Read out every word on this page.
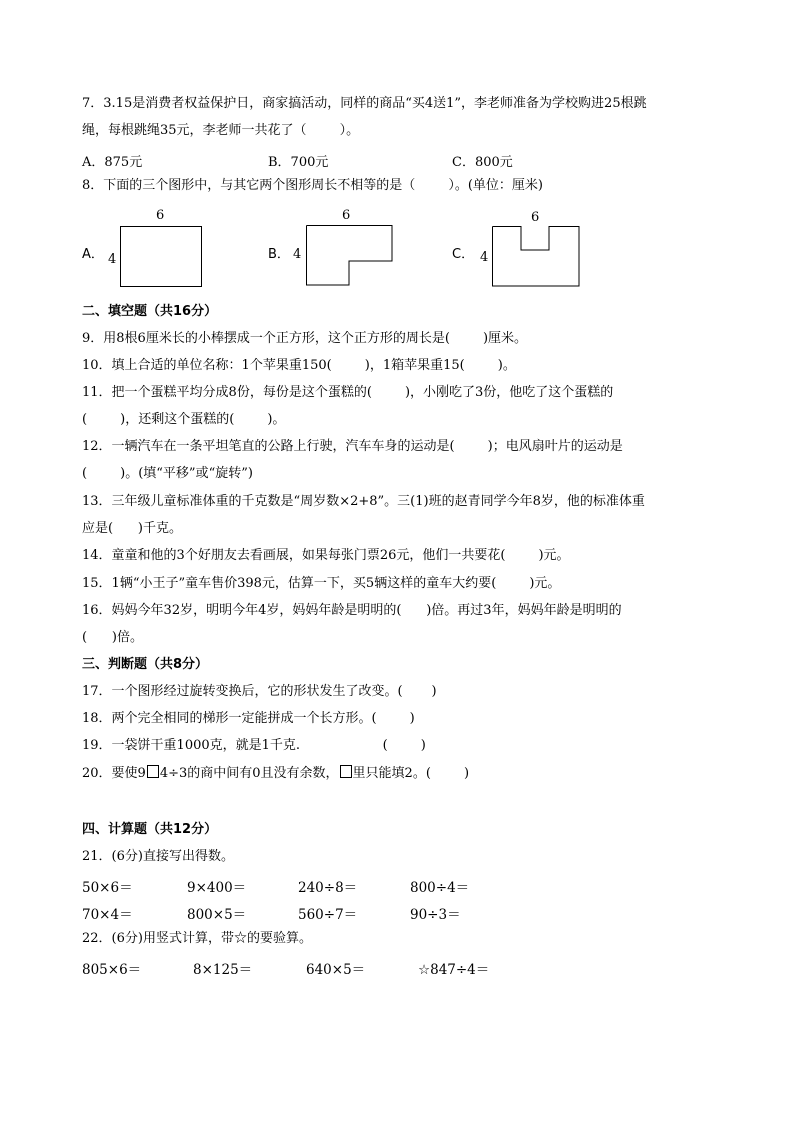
7．3.15是消费者权益保护日，商家搞活动，同样的商品“买4送1”，李老师准备为学校购进25根跳
绳，每根跳绳35元，李老师一共花了（        ）。
A．875元	B．700元	C．800元
8．下面的三个图形中，与其它两个图形周长不相等的是（        ）。(单位：厘米)
A．
6
4	B．
6
4	C．
6
4
二、填空题（共16分）
9．用8根6厘米长的小棒摆成一个正方形，这个正方形的周长是(        )厘米。
10．填上合适的单位名称：1个苹果重150(        )，1箱苹果重15(        )。
11．把一个蛋糕平均分成8份，每份是这个蛋糕的(        )，小刚吃了3份，他吃了这个蛋糕的
(        )，还剩这个蛋糕的(        )。
12．一辆汽车在一条平坦笔直的公路上行驶，汽车车身的运动是(        )；电风扇叶片的运动是
(        )。(填“平移”或“旋转”)
13．三年级儿童标准体重的千克数是“周岁数×2+8”。三(1)班的赵青同学今年8岁，他的标准体重
应是(      )千克。
14．童童和他的3个好朋友去看画展，如果每张门票26元，他们一共要花(        )元。
15．1辆“小王子”童车售价398元，估算一下，买5辆这样的童车大约要(        )元。
16．妈妈今年32岁，明明今年4岁，妈妈年龄是明明的(      )倍。再过3年，妈妈年龄是明明的
(      )倍。
三、判断题（共8分）
17．一个图形经过旋转变换后，它的形状发生了改变。(       )
18．两个完全相同的梯形一定能拼成一个长方形。(        )
19．一袋饼干重1000克，就是1千克.                    (        )
20．要使9 4÷3的商中间有0且没有余数， 里只能填2。(        )
四、计算题（共12分）
21．(6分)直接写出得数。
50×6＝	9×400＝	240÷8＝	800÷4＝
70×4＝	800×5＝	560÷7＝	90÷3＝
22．(6分)用竖式计算，带☆的要验算。
805×6＝	8×125＝	640×5＝	☆847÷4＝
